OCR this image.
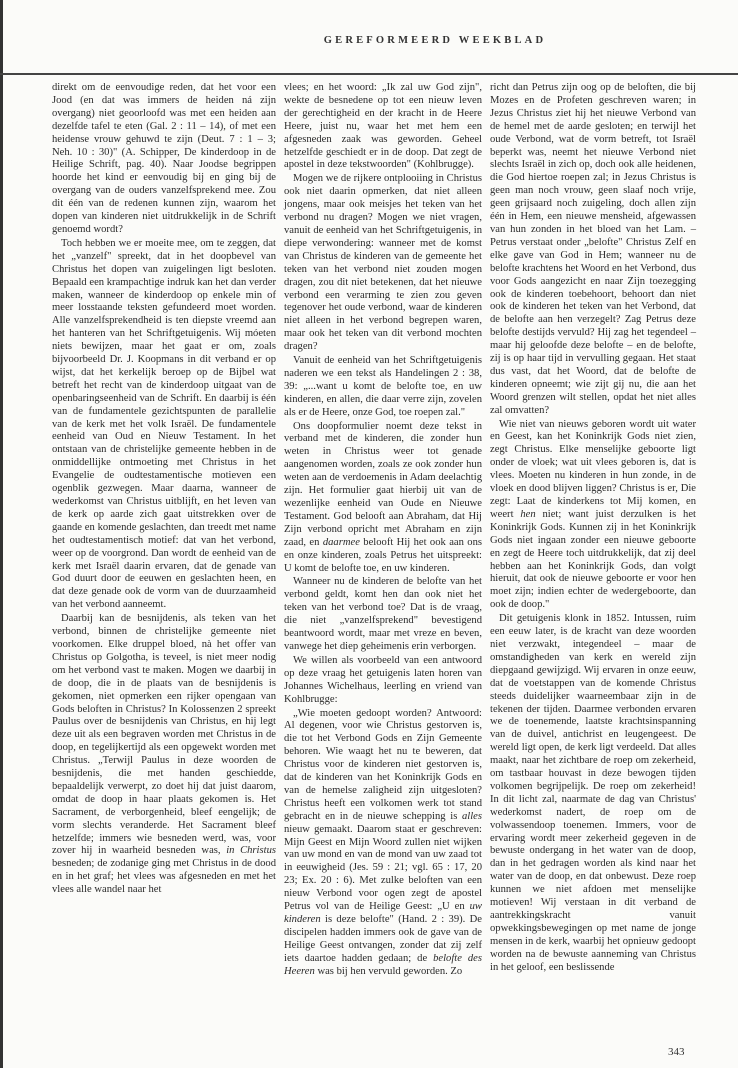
GEREFORMEERD WEEKBLAD

direkt om de eenvoudige reden, dat het voor een Jood (en dat was immers de heiden ná zijn overgang) niet geoorloofd was met een heiden aan dezelfde tafel te eten (Gal. 2 : 11 – 14), of met een heidense vrouw gehuwd te zijn (Deut. 7 : 1 – 3; Neh. 10 : 30)" (A. Schipper, De kinderdoop in de Heilige Schrift, pag. 40). Naar Joodse begrippen hoorde het kind er eenvoudig bij en ging bij de overgang van de ouders vanzelfsprekend mee. Zou dit één van de redenen kunnen zijn, waarom het dopen van kinderen niet uitdrukkelijk in de Schrift genoemd wordt?

Toch hebben we er moeite mee, om te zeggen, dat het „vanzelf" spreekt, dat in het doopbevel van Christus het dopen van zuigelingen ligt besloten. Bepaald een krampachtige indruk kan het dan verder maken, wanneer de kinderdoop op enkele min of meer losstaande teksten gefundeerd moet worden. Alle vanzelfsprekendheid is ten diepste vreemd aan het hanteren van het Schriftgetuigenis. Wij móeten niets bewijzen, maar het gaat er om, zoals bijvoorbeeld Dr. J. Koopmans in dit verband er op wijst, dat het kerkelijk beroep op de Bijbel wat betreft het recht van de kinderdoop uitgaat van de openbaringseenheid van de Schrift. En daarbij is één van de fundamentele gezichtspunten de parallelie van de kerk met het volk Israël. De fundamentele eenheid van Oud en Nieuw Testament. In het ontstaan van de christelijke gemeente hebben in de onmiddellijke ontmoeting met Christus in het Evangelie de oudtestamentische motieven een ogenblik gezwegen. Maar daarna, wanneer de wederkomst van Christus uitblijft, en het leven van de kerk op aarde zich gaat uitstrekken over de gaande en komende geslachten, dan treedt met name het oudtestamentisch motief: dat van het verbond, weer op de voorgrond. Dan wordt de eenheid van de kerk met Israël daarin ervaren, dat de genade van God duurt door de eeuwen en geslachten heen, en dat deze genade ook de vorm van de duurzaamheid van het verbond aanneemt.

Daarbij kan de besnijdenis, als teken van het verbond, binnen de christelijke gemeente niet voorkomen. Elke druppel bloed, nà het offer van Christus op Golgotha, is teveel, is niet meer nodig om het verbond vast te maken. Mogen we daarbij in de doop, die in de plaats van de besnijdenis is gekomen, niet opmerken een rijker opengaan van Gods beloften in Christus? In Kolossenzen 2 spreekt Paulus over de besnijdenis van Christus, en hij legt deze uit als een begraven worden met Christus in de doop, en tegelijkertijd als een opgewekt worden met Christus. „Terwijl Paulus in deze woorden de besnijdenis, die met handen geschiedde, bepaaldelijk verwerpt, zo doet hij dat juist daarom, omdat de doop in haar plaats gekomen is. Het Sacrament, de verborgenheid, bleef eengelijk; de vorm slechts veranderde. Het Sacrament bleef hetzelfde; immers wie besneden werd, was, voor zover hij in waarheid besneden was, in Christus besneden; de zodanige ging met Christus in de dood en in het graf; het vlees was afgesneden en met het vlees alle wandel naar het

vlees; en het woord: „Ik zal uw God zijn", wekte de besnedene op tot een nieuw leven der gerechtigheid en der kracht in de Heere Heere, juist nu, waar het met hem een afgesneden zaak was geworden. Geheel hetzelfde geschiedt er in de doop. Dat zegt de apostel in deze tekstwoorden" (Kohlbrugge).

Mogen we de rijkere ontplooiing in Christus ook niet daarin opmerken, dat niet alleen jongens, maar ook meisjes het teken van het verbond nu dragen? Mogen we niet vragen, vanuit de eenheid van het Schriftgetuigenis, in diepe verwondering: wanneer met de komst van Christus de kinderen van de gemeente het teken van het verbond niet zouden mogen dragen, zou dit niet betekenen, dat het nieuwe verbond een verarming te zien zou geven tegenover het oude verbond, waar de kinderen niet alleen in het verbond begrepen waren, maar ook het teken van dit verbond mochten dragen?

Vanuit de eenheid van het Schriftgetuigenis naderen we een tekst als Handelingen 2 : 38, 39: „...want u komt de belofte toe, en uw kinderen, en allen, die daar verre zijn, zovelen als er de Heere, onze God, toe roepen zal."

Ons doopformulier noemt deze tekst in verband met de kinderen, die zonder hun weten in Christus weer tot genade aangenomen worden, zoals ze ook zonder hun weten aan de verdoemenis in Adam deelachtig zijn. Het formulier gaat hierbij uit van de wezenlijke eenheid van Oude en Nieuwe Testament. God belooft aan Abraham, dat Hij Zijn verbond opricht met Abraham en zijn zaad, en daarmee belooft Hij het ook aan ons en onze kinderen, zoals Petrus het uitspreekt: U komt de belofte toe, en uw kinderen.

Wanneer nu de kinderen de belofte van het verbond geldt, komt hen dan ook niet het teken van het verbond toe? Dat is de vraag, die niet „vanzelfsprekend" bevestigend beantwoord wordt, maar met vreze en beven, vanwege het diep geheimenis erin verborgen.

We willen als voorbeeld van een antwoord op deze vraag het getuigenis laten horen van Johannes Wichelhaus, leerling en vriend van Kohlbrugge:

„Wie moeten gedoopt worden? Antwoord: Al degenen, voor wie Christus gestorven is, die tot het Verbond Gods en Zijn Gemeente behoren. Wie waagt het nu te beweren, dat Christus voor de kinderen niet gestorven is, dat de kinderen van het Koninkrijk Gods en van de hemelse zaligheid zijn uitgesloten? Christus heeft een volkomen werk tot stand gebracht en in de nieuwe schepping is alles nieuw gemaakt. Daarom staat er geschreven: Mijn Geest en Mijn Woord zullen niet wijken van uw mond en van de mond van uw zaad tot in eeuwigheid (Jes. 59 : 21; vgl. 65 : 17, 20 23; Ex. 20 : 6). Met zulke beloften van een nieuw Verbond voor ogen zegt de apostel Petrus vol van de Heilige Geest: „U en uw kinderen is deze belofte" (Hand. 2 : 39). De discipelen hadden immers ook de gave van de Heilige Geest ontvangen, zonder dat zij zelf iets daartoe hadden gedaan; de belofte des Heeren was bij hen vervuld geworden. Zo

richt dan Petrus zijn oog op de beloften, die bij Mozes en de Profeten geschreven waren; in Jezus Christus ziet hij het nieuwe Verbond van de hemel met de aarde gesloten; en terwijl het oude Verbond, wat de vorm betreft, tot Israël beperkt was, neemt het nieuwe Verbond niet slechts Israël in zich op, doch ook alle heidenen, die God hiertoe roepen zal; in Jezus Christus is geen man noch vrouw, geen slaaf noch vrije, geen grijsaard noch zuigeling, doch allen zijn één in Hem, een nieuwe mensheid, afgewassen van hun zonden in het bloed van het Lam. – Petrus verstaat onder „belofte" Christus Zelf en elke gave van God in Hem; wanneer nu de belofte krachtens het Woord en het Verbond, dus voor Gods aangezicht en naar Zijn toezegging ook de kinderen toebehoort, behoort dan niet ook de kinderen het teken van het Verbond, dat de belofte aan hen verzegelt? Zag Petrus deze belofte destijds vervuld? Hij zag het tegendeel – maar hij geloofde deze belofte – en de belofte, zij is op haar tijd in vervulling gegaan. Het staat dus vast, dat het Woord, dat de belofte de kinderen opneemt; wie zijt gij nu, die aan het Woord grenzen wilt stellen, opdat het niet alles zal omvatten?

Wie niet van nieuws geboren wordt uit water en Geest, kan het Koninkrijk Gods niet zien, zegt Christus. Elke menselijke geboorte ligt onder de vloek; wat uit vlees geboren is, dat is vlees. Moeten nu kinderen in hun zonde, in de vloek en dood blijven liggen? Christus is er, Die zegt: Laat de kinderkens tot Mij komen, en weert hen niet; want juist derzulken is het Koninkrijk Gods. Kunnen zij in het Koninkrijk Gods niet ingaan zonder een nieuwe geboorte en zegt de Heere toch uitdrukkelijk, dat zij deel hebben aan het Koninkrijk Gods, dan volgt hieruit, dat ook de nieuwe geboorte er voor hen moet zijn; indien echter de wedergeboorte, dan ook de doop."

Dit getuigenis klonk in 1852. Intussen, ruim een eeuw later, is de kracht van deze woorden niet verzwakt, integendeel – maar de omstandigheden van kerk en wereld zijn diepgaand gewijzigd. Wij ervaren in onze eeuw, dat de voetstappen van de komende Christus steeds duidelijker waarneembaar zijn in de tekenen der tijden. Daarmee verbonden ervaren we de toenemende, laatste krachtsinspanning van de duivel, antichrist en leugengeest. De wereld ligt open, de kerk ligt verdeeld. Dat alles maakt, naar het zichtbare de roep om zekerheid, om tastbaar houvast in deze bewogen tijden volkomen begrijpelijk. De roep om zekerheid! In dit licht zal, naarmate de dag van Christus' wederkomst nadert, de roep om de volwassendoop toenemen. Immers, voor de ervaring wordt meer zekerheid gegeven in de bewuste ondergang in het water van de doop, dan in het gedragen worden als kind naar het water van de doop, en dat onbewust. Deze roep kunnen we niet afdoen met menselijke motieven! Wij verstaan in dit verband de aantrekkingskracht vanuit opwekkingsbewegingen op met name de jonge mensen in de kerk, waarbij het opnieuw gedoopt worden na de bewuste aanneming van Christus in het geloof, een beslissende

343
